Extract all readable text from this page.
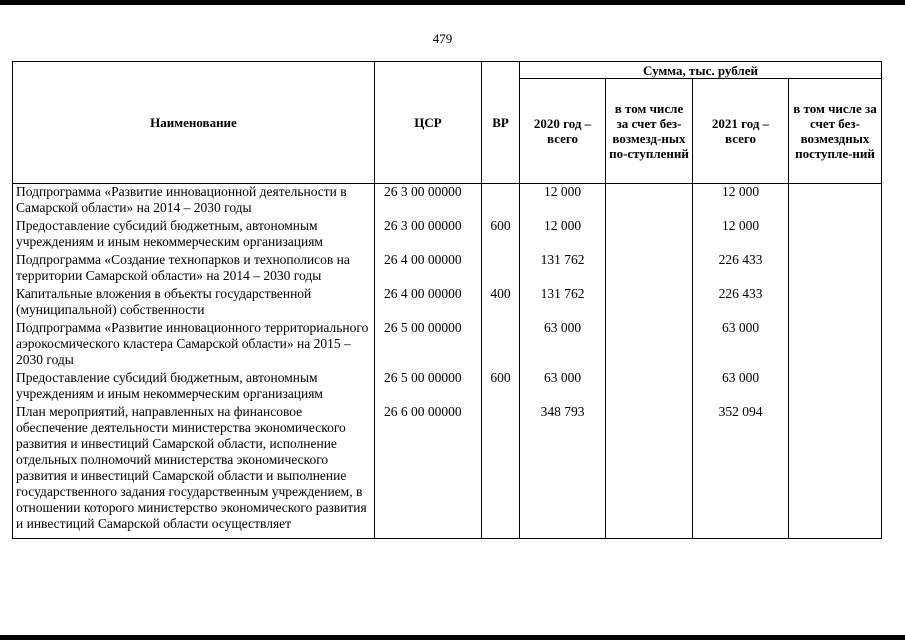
479
Наименование	ЦСР	ВР	Сумма, тыс. рублей			
			2020 год – всего	в том числе за счет без-возмезд-ных по-ступлений	2021 год – всего	в том числе за счет без-возмездных поступле-ний
Подпрограмма «Развитие инновационной деятельности в Самарской области» на 2014 – 2030 годы	26 3 00 00000		12 000		12 000	
Предоставление субсидий бюджетным, автономным учреждениям и иным некоммерческим организациям	26 3 00 00000	600	12 000		12 000	
Подпрограмма «Создание технопарков и технополисов на территории Самарской области» на 2014 – 2030 годы	26 4 00 00000		131 762		226 433	
Капитальные вложения в объекты государственной (муниципальной) собственности	26 4 00 00000	400	131 762		226 433	
Подпрограмма «Развитие инновационного территориального аэрокосмического кластера Самарской области» на 2015 – 2030 годы	26 5 00 00000		63 000		63 000	
Предоставление субсидий бюджетным, автономным учреждениям и иным некоммерческим организациям	26 5 00 00000	600	63 000		63 000	
План мероприятий, направленных на финансовое обеспечение деятельности министерства экономического развития и инвестиций Самарской области, исполнение отдельных полномочий министерства экономического развития и инвестиций Самарской области и выполнение государственного задания государственным учреждением, в отношении которого министерство экономического развития и инвестиций Самарской области осуществляет	26 6 00 00000		348 793		352 094	
